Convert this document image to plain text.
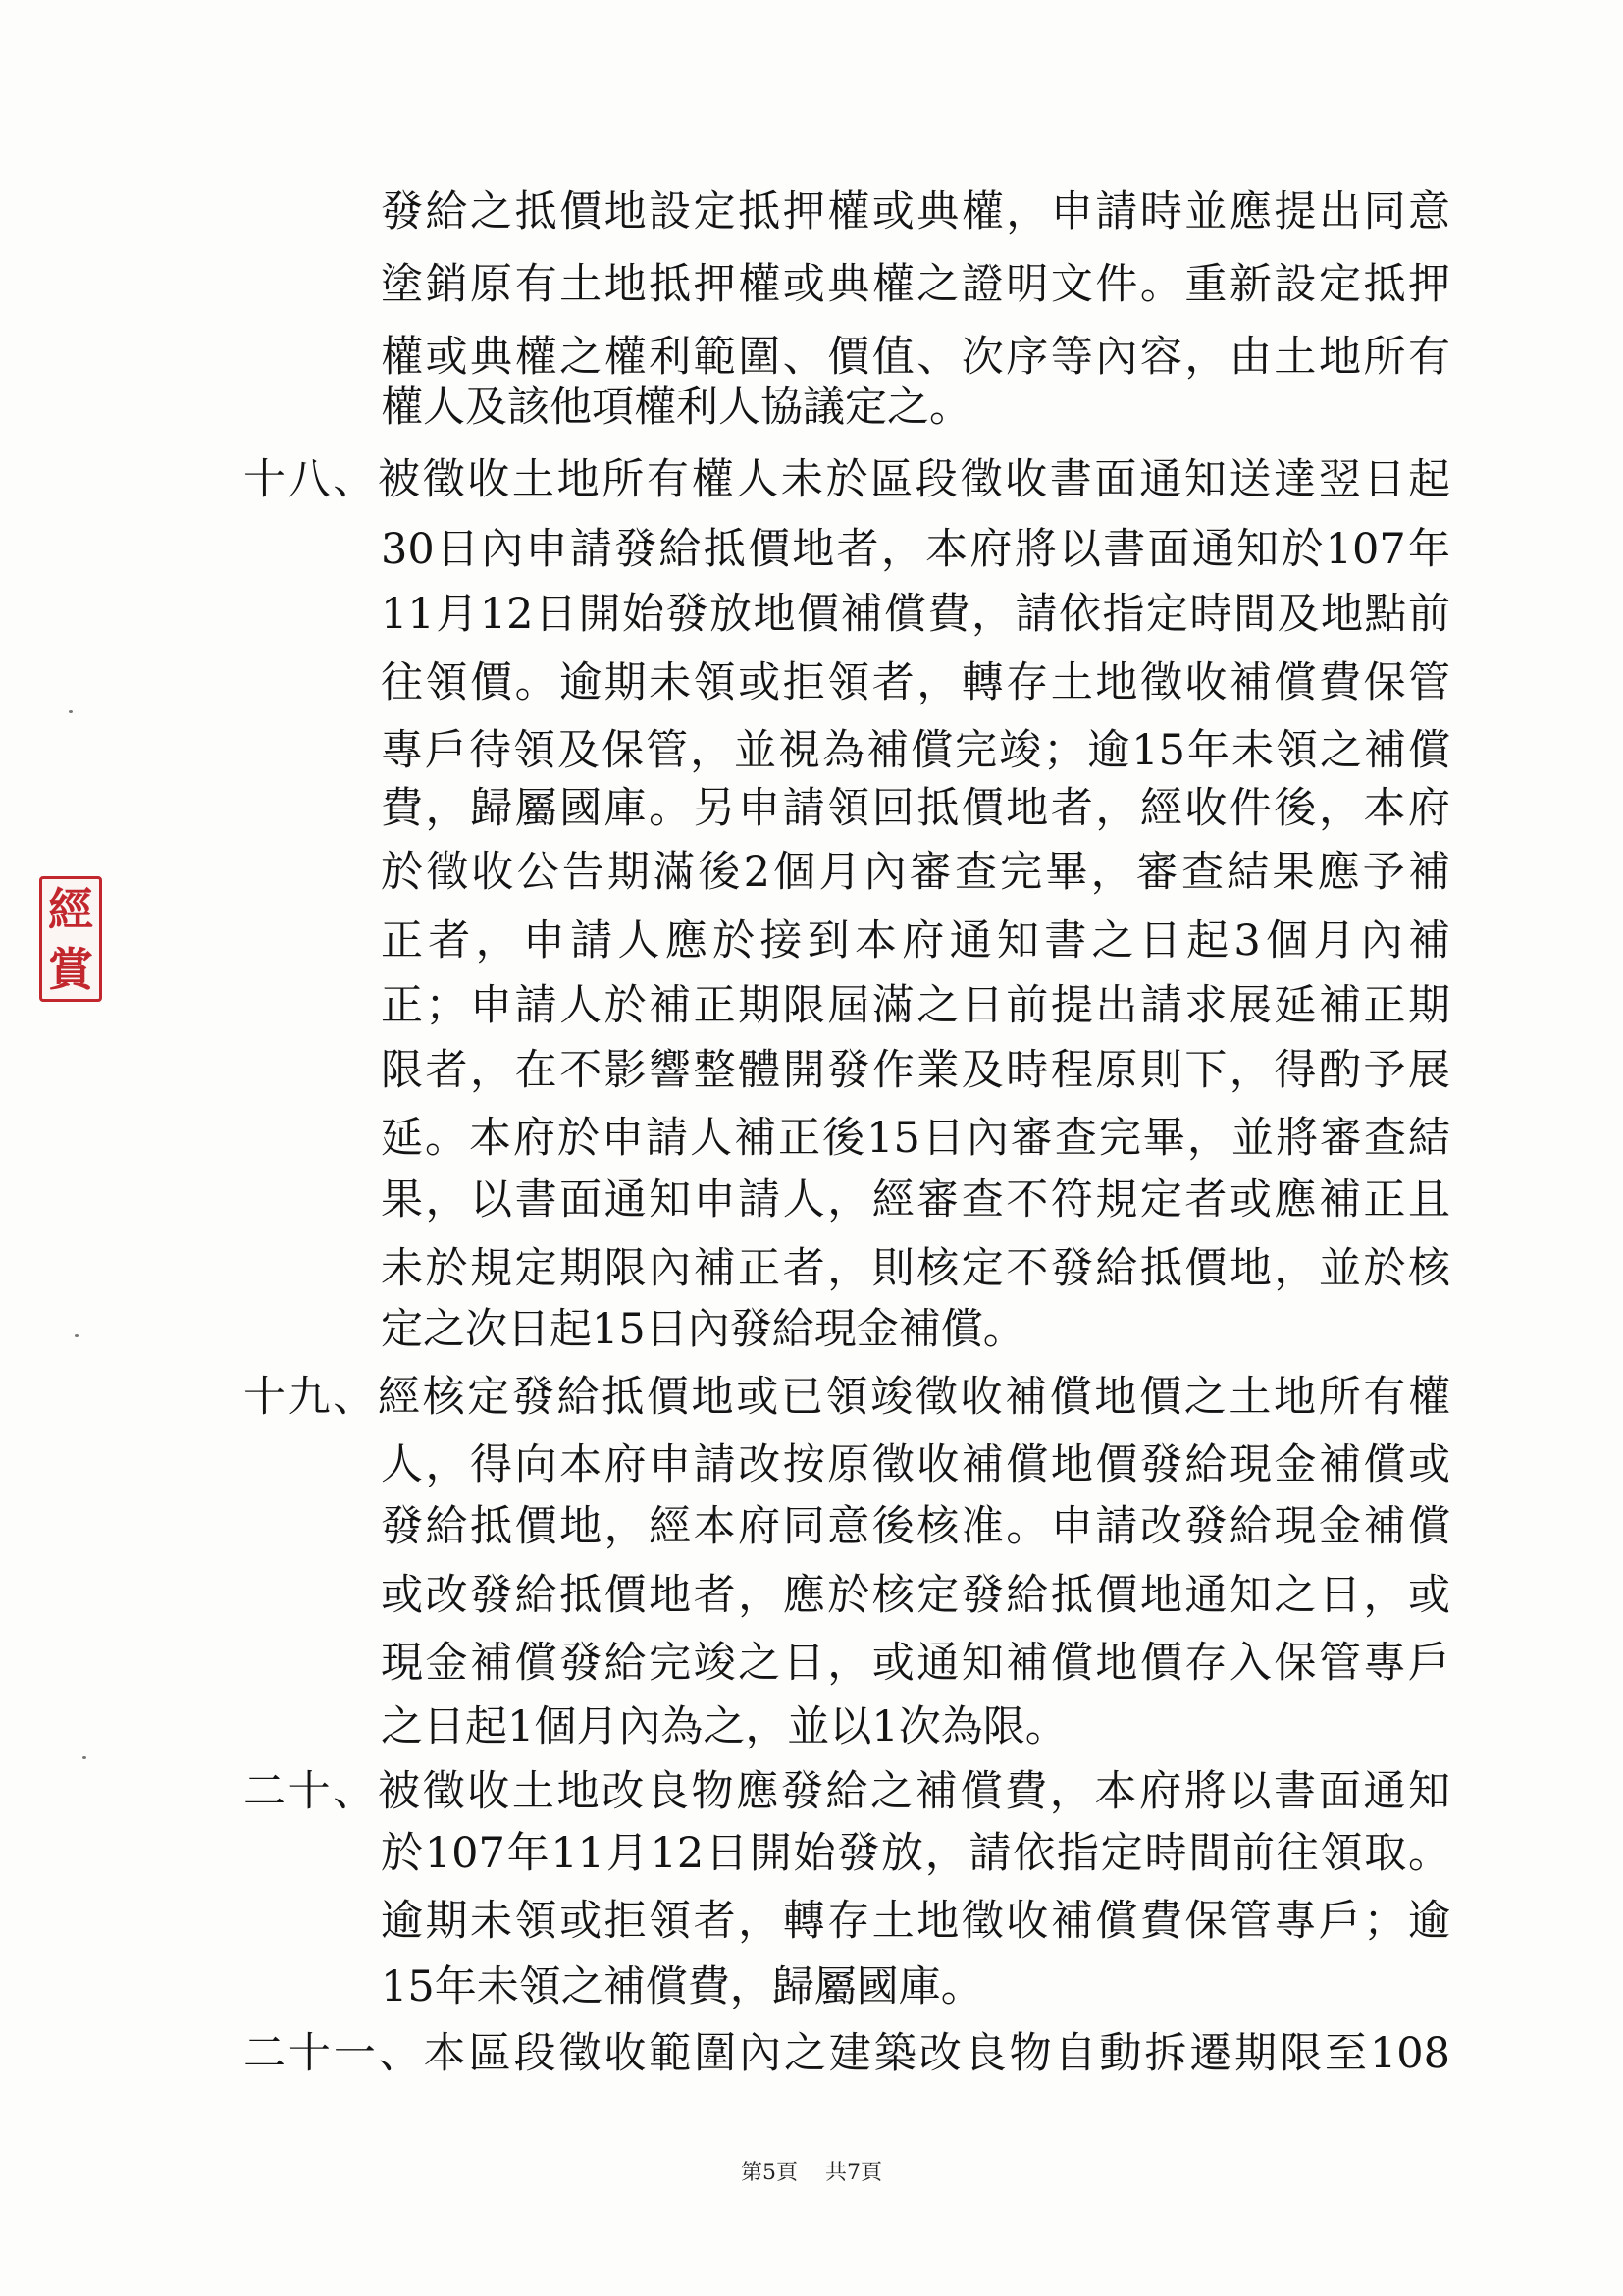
發給之抵價地設定抵押權或典權，申請時並應提出同意
塗銷原有土地抵押權或典權之證明文件。重新設定抵押
權或典權之權利範圍、價值、次序等內容，由土地所有
權人及該他項權利人協議定之。
十八、被徵收土地所有權人未於區段徵收書面通知送達翌日起
30日內申請發給抵價地者，本府將以書面通知於107年
11月12日開始發放地價補償費，請依指定時間及地點前
往領價。逾期未領或拒領者，轉存土地徵收補償費保管
專戶待領及保管，並視為補償完竣；逾15年未領之補償
費，歸屬國庫。另申請領回抵價地者，經收件後，本府
於徵收公告期滿後2個月內審查完畢，審查結果應予補
正者，申請人應於接到本府通知書之日起3個月內補
正；申請人於補正期限屆滿之日前提出請求展延補正期
限者，在不影響整體開發作業及時程原則下，得酌予展
延。本府於申請人補正後15日內審查完畢，並將審查結
果，以書面通知申請人，經審查不符規定者或應補正且
未於規定期限內補正者，則核定不發給抵價地，並於核
定之次日起15日內發給現金補償。
十九、經核定發給抵價地或已領竣徵收補償地價之土地所有權
人，得向本府申請改按原徵收補償地價發給現金補償或
發給抵價地，經本府同意後核准。申請改發給現金補償
或改發給抵價地者，應於核定發給抵價地通知之日，或
現金補償發給完竣之日，或通知補償地價存入保管專戶
之日起1個月內為之，並以1次為限。
二十、被徵收土地改良物應發給之補償費，本府將以書面通知
於107年11月12日開始發放，請依指定時間前往領取。
逾期未領或拒領者，轉存土地徵收補償費保管專戶；逾
15年未領之補償費，歸屬國庫。
二十一、本區段徵收範圍內之建築改良物自動拆遷期限至108
經
賞
第5頁 共7頁
